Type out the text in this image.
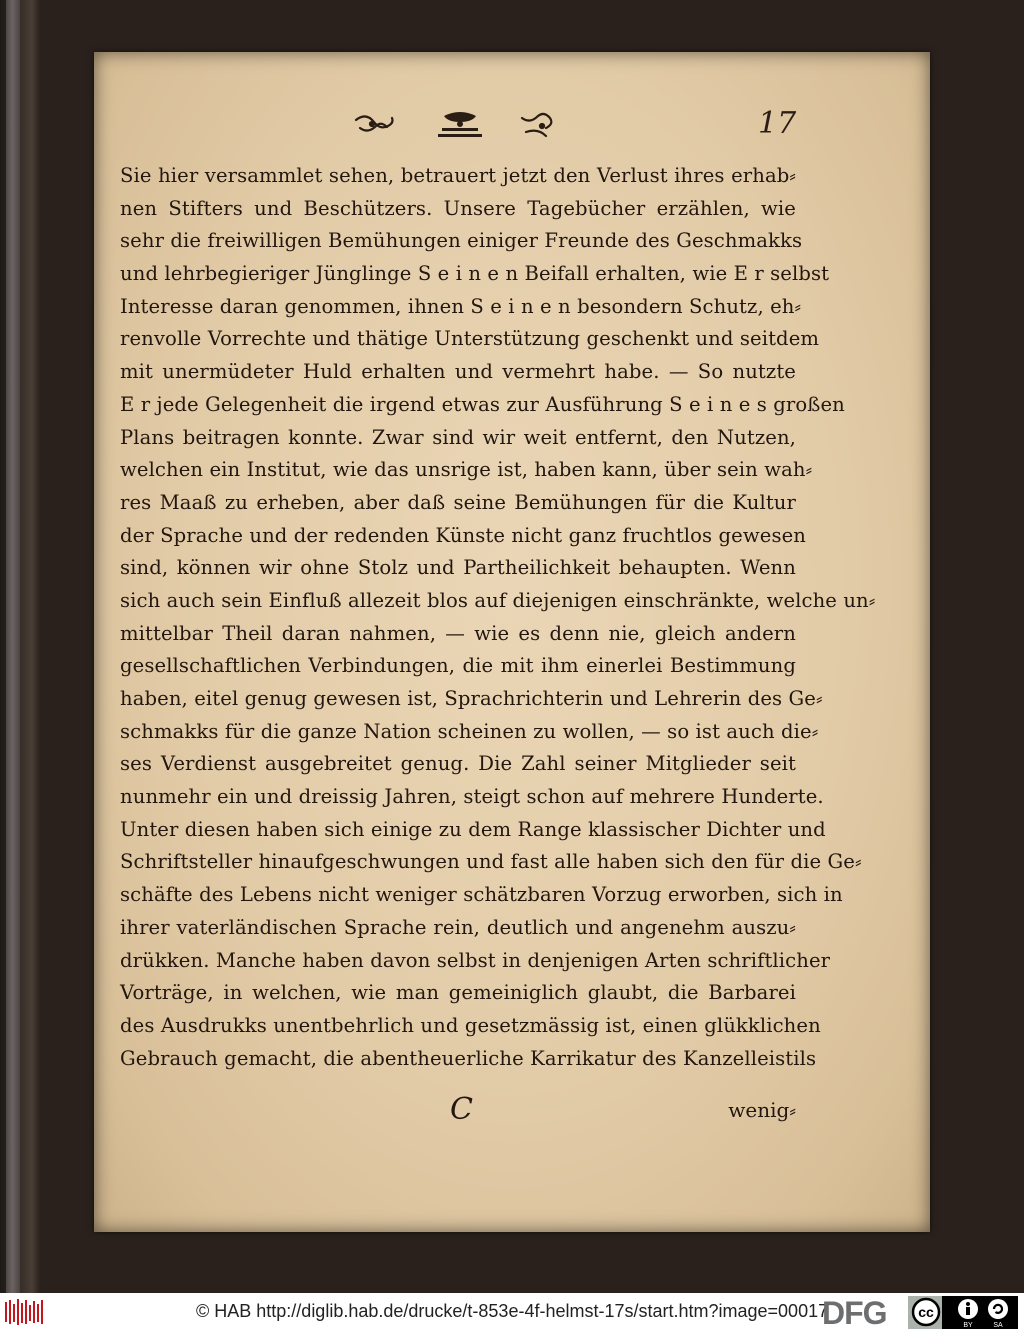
17
Sie hier versammlet sehen, betrauert jetzt den Verlust ihres erhab⸗
nen Stifters und Beschützers. Unsere Tagebücher erzählen, wie
sehr die freiwilligen Bemühungen einiger Freunde des Geschmakks
und lehrbegieriger Jünglinge S e i n e n Beifall erhalten, wie E r selbst
Interesse daran genommen, ihnen S e i n e n besondern Schutz, eh⸗
renvolle Vorrechte und thätige Unterstützung geschenkt und seitdem
mit unermüdeter Huld erhalten und vermehrt habe. — So nutzte
E r jede Gelegenheit die irgend etwas zur Ausführung S e i n e s großen
Plans beitragen konnte. Zwar sind wir weit entfernt, den Nutzen,
welchen ein Institut, wie das unsrige ist, haben kann, über sein wah⸗
res Maaß zu erheben, aber daß seine Bemühungen für die Kultur
der Sprache und der redenden Künste nicht ganz fruchtlos gewesen
sind, können wir ohne Stolz und Partheilichkeit behaupten. Wenn
sich auch sein Einfluß allezeit blos auf diejenigen einschränkte, welche un⸗
mittelbar Theil daran nahmen, — wie es denn nie, gleich andern
gesellschaftlichen Verbindungen, die mit ihm einerlei Bestimmung
haben, eitel genug gewesen ist, Sprachrichterin und Lehrerin des Ge⸗
schmakks für die ganze Nation scheinen zu wollen, — so ist auch die⸗
ses Verdienst ausgebreitet genug. Die Zahl seiner Mitglieder seit
nunmehr ein und dreissig Jahren, steigt schon auf mehrere Hunderte.
Unter diesen haben sich einige zu dem Range klassischer Dichter und
Schriftsteller hinaufgeschwungen und fast alle haben sich den für die Ge⸗
schäfte des Lebens nicht weniger schätzbaren Vorzug erworben, sich in
ihrer vaterländischen Sprache rein, deutlich und angenehm auszu⸗
drükken. Manche haben davon selbst in denjenigen Arten schriftlicher
Vorträge, in welchen, wie man gemeiniglich glaubt, die Barbarei
des Ausdrukks unentbehrlich und gesetzmässig ist, einen glükklichen
Gebrauch gemacht, die abentheuerliche Karrikatur des Kanzelleistils
C	wenig⸗
© HAB http://diglib.hab.de/drucke/t-853e-4f-helmst-17s/start.htm?image=00017
DFG cc
BY	SA
